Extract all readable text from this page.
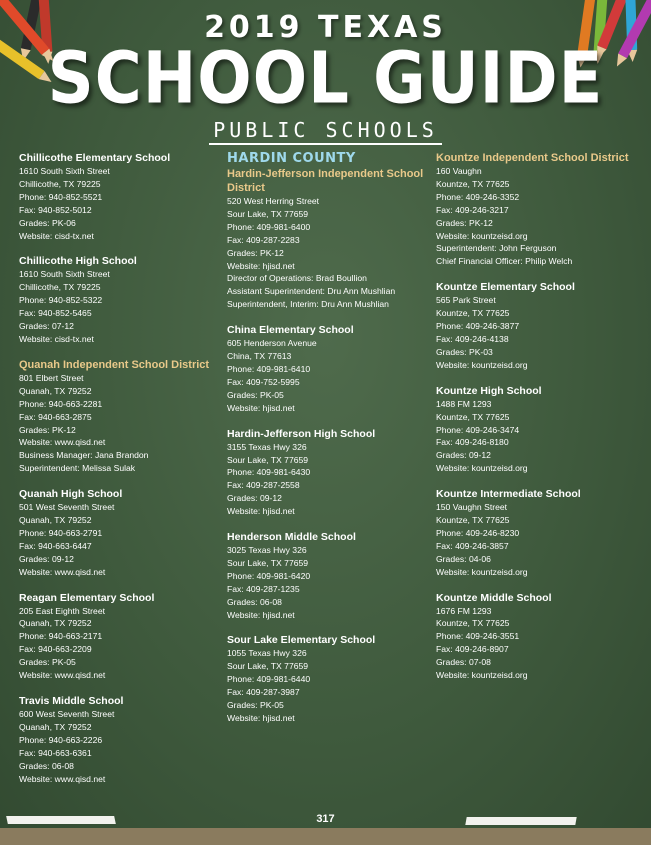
2019 TEXAS
SCHOOL GUIDE
PUBLIC SCHOOLS
Chillicothe Elementary School
1610 South Sixth Street
Chillicothe, TX 79225
Phone: 940-852-5521
Fax: 940-852-5012
Grades: PK-06
Website: cisd-tx.net
Chillicothe High School
1610 South Sixth Street
Chillicothe, TX 79225
Phone: 940-852-5322
Fax: 940-852-5465
Grades: 07-12
Website: cisd-tx.net
Quanah Independent School District
801 Elbert Street
Quanah, TX 79252
Phone: 940-663-2281
Fax: 940-663-2875
Grades: PK-12
Website: www.qisd.net
Business Manager: Jana Brandon
Superintendent: Melissa Sulak
Quanah High School
501 West Seventh Street
Quanah, TX 79252
Phone: 940-663-2791
Fax: 940-663-6447
Grades: 09-12
Website: www.qisd.net
Reagan Elementary School
205 East Eighth Street
Quanah, TX 79252
Phone: 940-663-2171
Fax: 940-663-2209
Grades: PK-05
Website: www.qisd.net
Travis Middle School
600 West Seventh Street
Quanah, TX 79252
Phone: 940-663-2226
Fax: 940-663-6361
Grades: 06-08
Website: www.qisd.net
HARDIN COUNTY
Hardin-Jefferson Independent School District
520 West Herring Street
Sour Lake, TX 77659
Phone: 409-981-6400
Fax: 409-287-2283
Grades: PK-12
Website: hjisd.net
Director of Operations: Brad Boullion
Assistant Superintendent: Dru Ann Mushlian
Superintendent, Interim: Dru Ann Mushlian
China Elementary School
605 Henderson Avenue
China, TX 77613
Phone: 409-981-6410
Fax: 409-752-5995
Grades: PK-05
Website: hjisd.net
Hardin-Jefferson High School
3155 Texas Hwy 326
Sour Lake, TX 77659
Phone: 409-981-6430
Fax: 409-287-2558
Grades: 09-12
Website: hjisd.net
Henderson Middle School
3025 Texas Hwy 326
Sour Lake, TX 77659
Phone: 409-981-6420
Fax: 409-287-1235
Grades: 06-08
Website: hjisd.net
Sour Lake Elementary School
1055 Texas Hwy 326
Sour Lake, TX 77659
Phone: 409-981-6440
Fax: 409-287-3987
Grades: PK-05
Website: hjisd.net
Kountze Independent School District
160 Vaughn
Kountze, TX 77625
Phone: 409-246-3352
Fax: 409-246-3217
Grades: PK-12
Website: kountzeisd.org
Superintendent: John Ferguson
Chief Financial Officer: Philip Welch
Kountze Elementary School
565 Park Street
Kountze, TX 77625
Phone: 409-246-3877
Fax: 409-246-4138
Grades: PK-03
Website: kountzeisd.org
Kountze High School
1488 FM 1293
Kountze, TX 77625
Phone: 409-246-3474
Fax: 409-246-8180
Grades: 09-12
Website: kountzeisd.org
Kountze Intermediate School
150 Vaughn Street
Kountze, TX 77625
Phone: 409-246-8230
Fax: 409-246-3857
Grades: 04-06
Website: kountzeisd.org
Kountze Middle School
1676 FM 1293
Kountze, TX 77625
Phone: 409-246-3551
Fax: 409-246-8907
Grades: 07-08
Website: kountzeisd.org
317
